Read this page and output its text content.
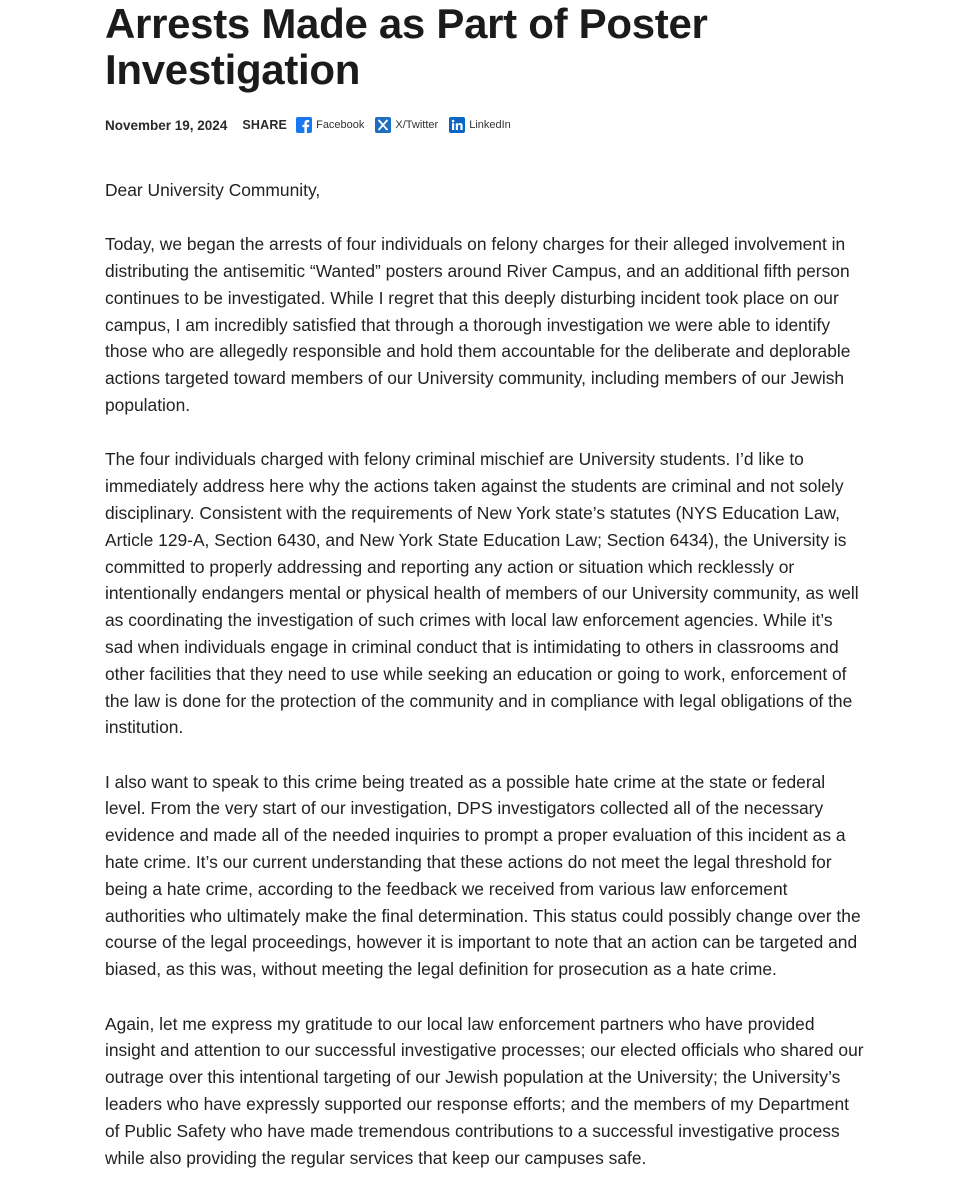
Arrests Made as Part of Poster Investigation
November 19, 2024 SHARE	Facebook	X/Twitter	LinkedIn

Dear University Community,

Today, we began the arrests of four individuals on felony charges for their alleged involvement in distributing the antisemitic “Wanted” posters around River Campus, and an additional fifth person continues to be investigated. While I regret that this deeply disturbing incident took place on our campus, I am incredibly satisfied that through a thorough investigation we were able to identify those who are allegedly responsible and hold them accountable for the deliberate and deplorable actions targeted toward members of our University community, including members of our Jewish population.

The four individuals charged with felony criminal mischief are University students. I’d like to immediately address here why the actions taken against the students are criminal and not solely disciplinary. Consistent with the requirements of New York state’s statutes (NYS Education Law, Article 129-A, Section 6430, and New York State Education Law; Section 6434), the University is committed to properly addressing and reporting any action or situation which recklessly or intentionally endangers mental or physical health of members of our University community, as well as coordinating the investigation of such crimes with local law enforcement agencies. While it’s sad when individuals engage in criminal conduct that is intimidating to others in classrooms and other facilities that they need to use while seeking an education or going to work, enforcement of the law is done for the protection of the community and in compliance with legal obligations of the institution.

I also want to speak to this crime being treated as a possible hate crime at the state or federal level. From the very start of our investigation, DPS investigators collected all of the necessary evidence and made all of the needed inquiries to prompt a proper evaluation of this incident as a hate crime. It’s our current understanding that these actions do not meet the legal threshold for being a hate crime, according to the feedback we received from various law enforcement authorities who ultimately make the final determination. This status could possibly change over the course of the legal proceedings, however it is important to note that an action can be targeted and biased, as this was, without meeting the legal definition for prosecution as a hate crime.

Again, let me express my gratitude to our local law enforcement partners who have provided insight and attention to our successful investigative processes; our elected officials who shared our outrage over this intentional targeting of our Jewish population at the University; the University’s leaders who have expressly supported our response efforts; and the members of my Department of Public Safety who have made tremendous contributions to a successful investigative process while also providing the regular services that keep our campuses safe.
